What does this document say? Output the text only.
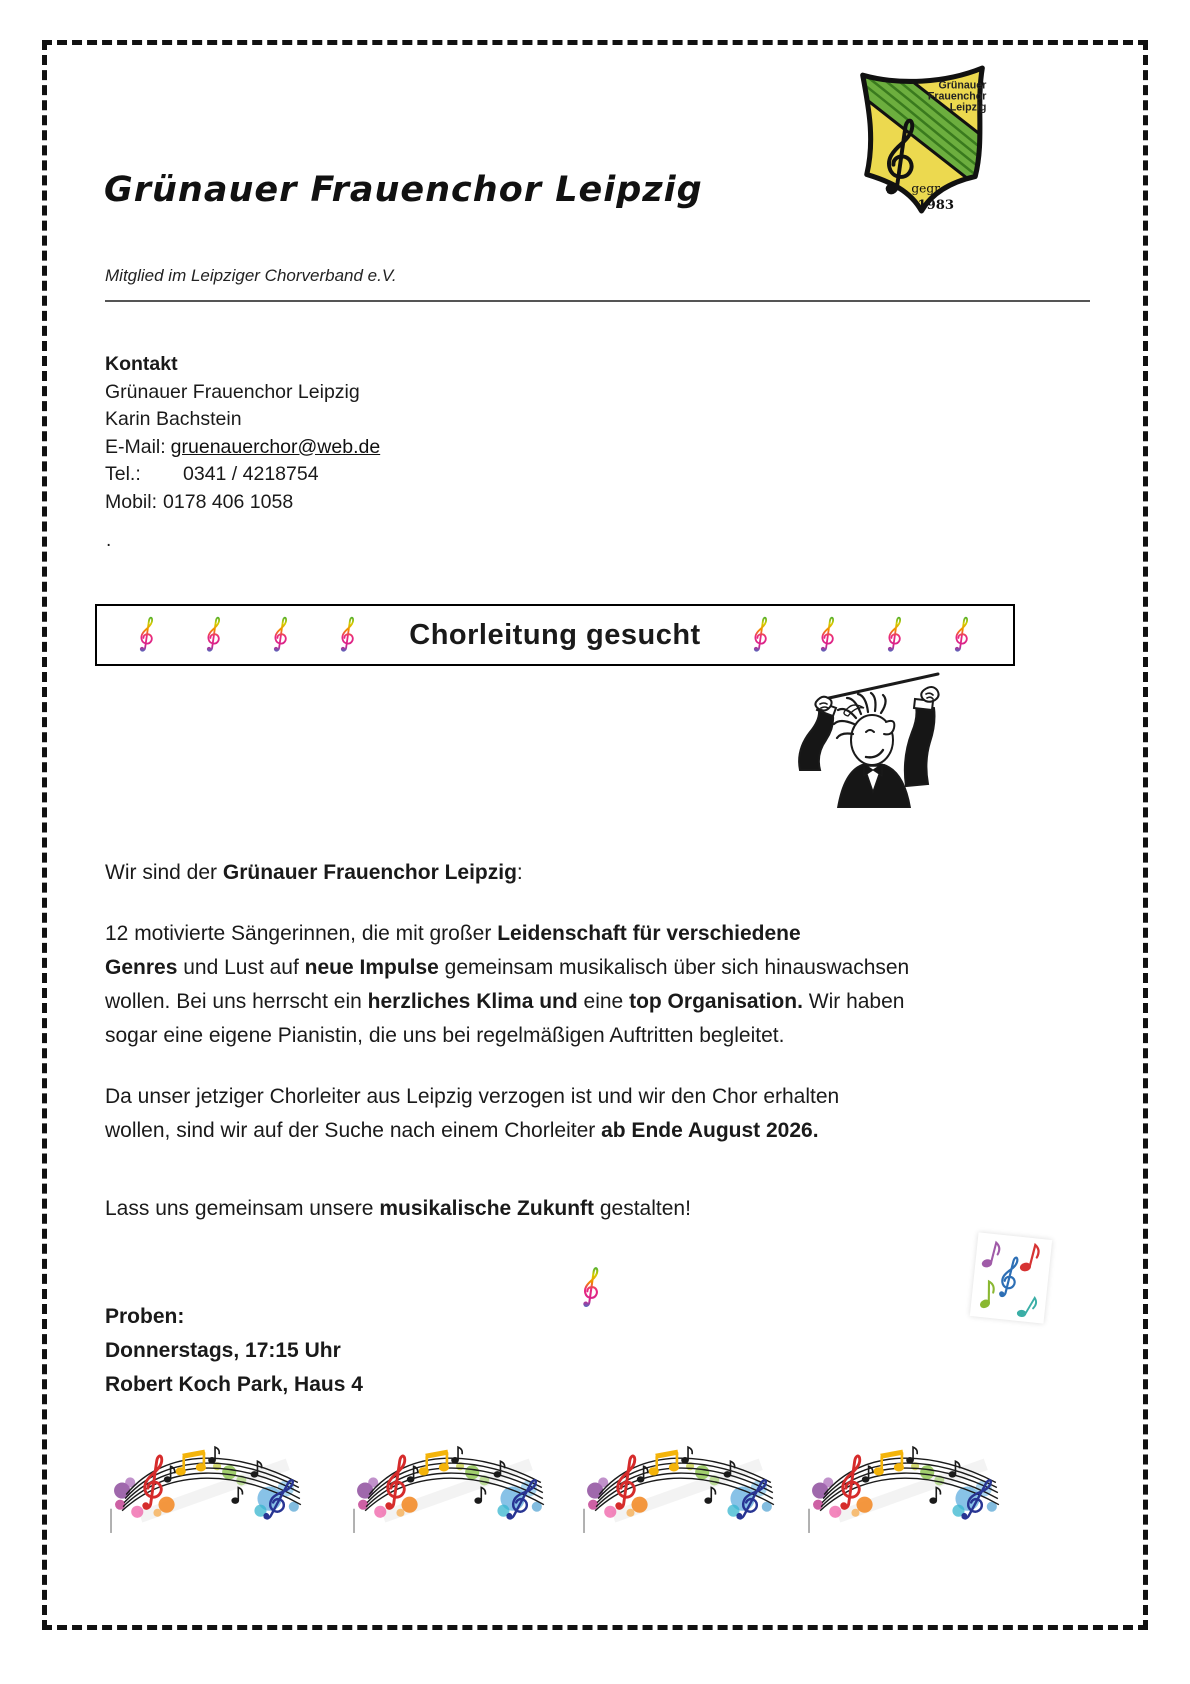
Grünauer
Frauenchor
Leipzig
gegr.
1983
Grünauer Frauenchor Leipzig
Mitglied im Leipziger Chorverband e.V.
Kontakt
Grünauer Frauenchor Leipzig
Karin Bachstein
E-Mail: gruenauerchor@web.de
Tel.: 0341 / 4218754
Mobil: 0178 406 1058
.
Chorleitung gesucht

Wir sind der Grünauer Frauenchor Leipzig:

12 motivierte Sängerinnen, die mit großer Leidenschaft für verschiedene
Genres und Lust auf neue Impulse gemeinsam musikalisch über sich hinauswachsen
wollen. Bei uns herrscht ein herzliches Klima und eine top Organisation. Wir haben
sogar eine eigene Pianistin, die uns bei regelmäßigen Auftritten begleitet.

Da unser jetziger Chorleiter aus Leipzig verzogen ist und wir den Chor erhalten
wollen, sind wir auf der Suche nach einem Chorleiter ab Ende August 2026.

Lass uns gemeinsam unsere musikalische Zukunft gestalten!

Proben:
Donnerstags, 17:15 Uhr
Robert Koch Park, Haus 4
